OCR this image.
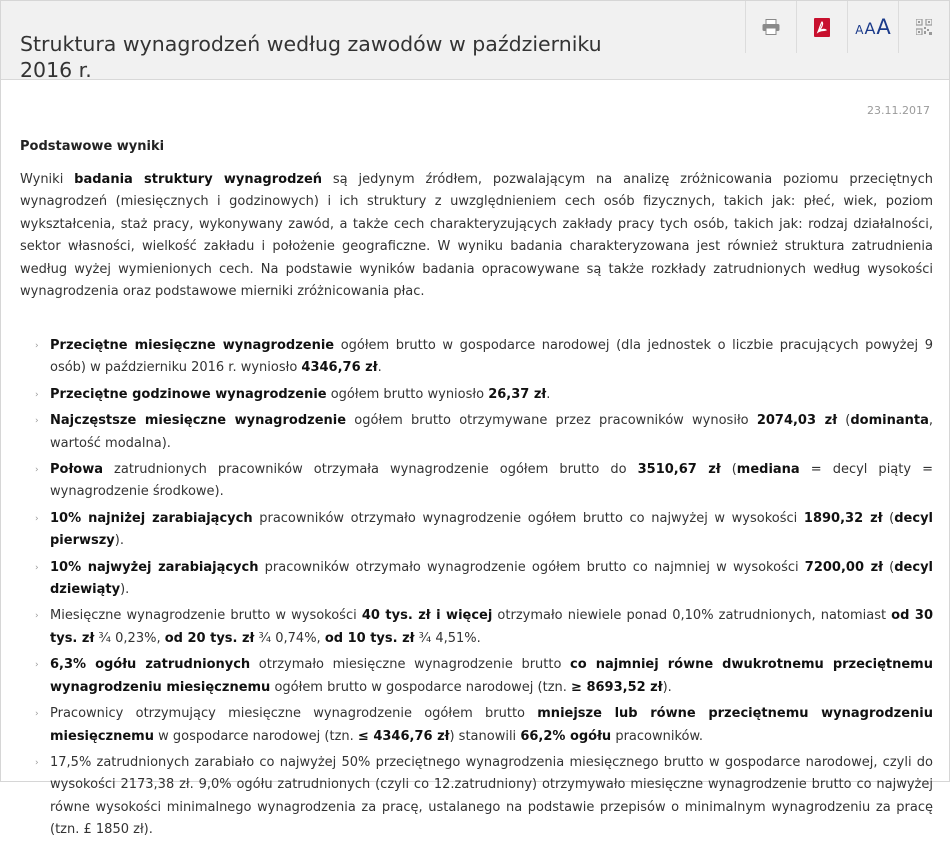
Struktura wynagrodzeń według zawodów w październiku 2016 r.
A A A
23.11.2017
Podstawowe wyniki

Wyniki badania struktury wynagrodzeń są jedynym źródłem, pozwalającym na analizę zróżnicowania poziomu przeciętnych wynagrodzeń (miesięcznych i godzinowych) i ich struktury z uwzględnieniem cech osób fizycznych, takich jak: płeć, wiek, poziom wykształcenia, staż pracy, wykonywany zawód, a także cech charakteryzujących zakłady pracy tych osób, takich jak: rodzaj działalności, sektor własności, wielkość zakładu i położenie geograficzne. W wyniku badania charakteryzowana jest również struktura zatrudnienia według wyżej wymienionych cech. Na podstawie wyników badania opracowywane są także rozkłady zatrudnionych według wysokości wynagrodzenia oraz podstawowe mierniki zróżnicowania płac.

› Przeciętne miesięczne wynagrodzenie ogółem brutto w gospodarce narodowej (dla jednostek o liczbie pracujących powyżej 9 osób) w październiku 2016 r. wyniosło 4346,76 zł.
› Przeciętne godzinowe wynagrodzenie ogółem brutto wyniosło 26,37 zł.
› Najczęstsze miesięczne wynagrodzenie ogółem brutto otrzymywane przez pracowników wynosiło 2074,03 zł (dominanta, wartość modalna).
› Połowa zatrudnionych pracowników otrzymała wynagrodzenie ogółem brutto do 3510,67 zł (mediana = decyl piąty = wynagrodzenie środkowe).
› 10% najniżej zarabiających pracowników otrzymało wynagrodzenie ogółem brutto co najwyżej w wysokości 1890,32 zł (decyl pierwszy).
› 10% najwyżej zarabiających pracowników otrzymało wynagrodzenie ogółem brutto co najmniej w wysokości 7200,00 zł (decyl dziewiąty).
› Miesięczne wynagrodzenie brutto w wysokości 40 tys. zł i więcej otrzymało niewiele ponad 0,10% zatrudnionych, natomiast od 30 tys. zł ¾ 0,23%, od 20 tys. zł ¾ 0,74%, od 10 tys. zł ¾ 4,51%.
› 6,3% ogółu zatrudnionych otrzymało miesięczne wynagrodzenie brutto co najmniej równe dwukrotnemu przeciętnemu wynagrodzeniu miesięcznemu ogółem brutto w gospodarce narodowej (tzn. ≥ 8693,52 zł).
› Pracownicy otrzymujący miesięczne wynagrodzenie ogółem brutto mniejsze lub równe przeciętnemu wynagrodzeniu miesięcznemu w gospodarce narodowej (tzn. ≤ 4346,76 zł) stanowili 66,2% ogółu pracowników.
› 17,5% zatrudnionych zarabiało co najwyżej 50% przeciętnego wynagrodzenia miesięcznego brutto w gospodarce narodowej, czyli do wysokości 2173,38 zł. 9,0% ogółu zatrudnionych (czyli co 12.zatrudniony) otrzymywało miesięczne wynagrodzenie brutto co najwyżej równe wysokości minimalnego wynagrodzenia za pracę, ustalanego na podstawie przepisów o minimalnym wynagrodzeniu za pracę (tzn. £ 1850 zł).
